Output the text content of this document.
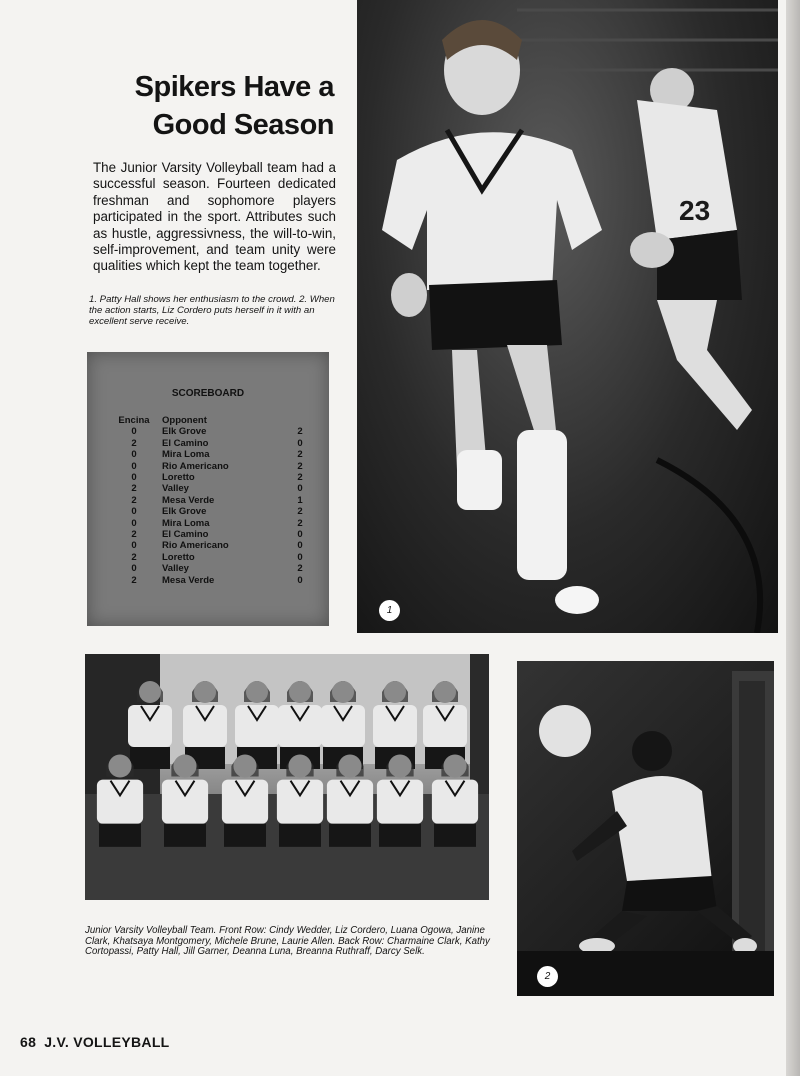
Spikers Have a
Good Season

The Junior Varsity Volleyball team had a successful season. Fourteen dedicated freshman and sophomore players participated in the sport. Attributes such as hustle, aggressivness, the will-to-win, self-improvement, and team unity were qualities which kept the team together.

1. Patty Hall shows her enthusiasm to the crowd. 2. When the action starts, Liz Cordero puts herself in it with an excellent serve receive.

SCOREBOARD
Encina	Opponent	
0	Elk Grove	2
2	El Camino	0
0	Mira Loma	2
0	Rio Americano	2
0	Loretto	2
2	Valley	0
2	Mesa Verde	1
0	Elk Grove	2
0	Mira Loma	2
2	El Camino	0
0	Rio Americano	0
2	Loretto	0
0	Valley	2
2	Mesa Verde	0
23
1
2

Junior Varsity Volleyball Team. Front Row: Cindy Wedder, Liz Cordero, Luana Ogowa, Janine Clark, Khatsaya Montgomery, Michele Brune, Laurie Allen. Back Row: Charmaine Clark, Kathy Cortopassi, Patty Hall, Jill Garner, Deanna Luna, Breanna Ruthraff, Darcy Selk.

68 J.V. VOLLEYBALL
